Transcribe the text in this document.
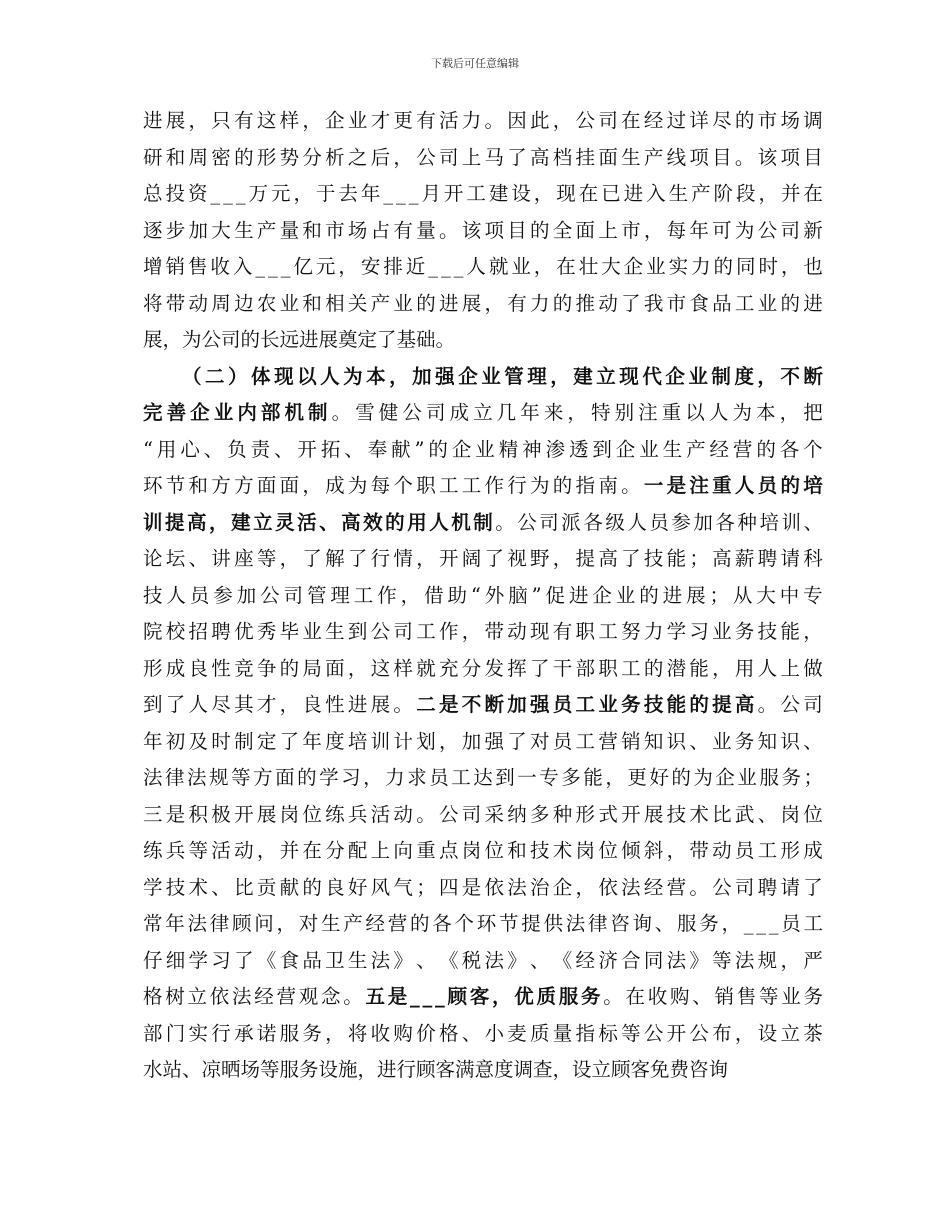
下载后可任意编辑
进 展 ， 只 有 这 样 ， 企 业 才 更 有 活 力 。 因 此 ， 公 司 在 经 过 详 尽 的 市 场 调
研 和 周 密 的 形 势 分 析 之 后 ， 公 司 上 马 了 高 档 挂 面 生 产 线 项 目 。 该 项 目
总 投 资 _ _ _ 万 元 ， 于 去 年 _ _ _ 月 开 工 建 设 ， 现 在 已 进 入 生 产 阶 段 ， 并 在
逐 步 加 大 生 产 量 和 市 场 占 有 量 。 该 项 目 的 全 面 上 市 ， 每 年 可 为 公 司 新
增 销 售 收 入 _ _ _ 亿 元 ， 安 排 近 _ _ _ 人 就 业 ， 在 壮 大 企 业 实 力 的 同 时 ， 也
将 带 动 周 边 农 业 和 相 关 产 业 的 进 展 ， 有 力 的 推 动 了 我 市 食 品 工 业 的 进
展，为公司的长远进展奠定了基础。
（ 二 ） 体 现 以 人 为 本 ， 加 强 企 业 管 理 ， 建 立 现 代 企 业 制 度 ， 不 断
完 善 企 业 内 部 机 制 。 雪 健 公 司 成 立 几 年 来 ， 特 别 注 重 以 人 为 本 ， 把
“ 用 心 、 负 责 、 开 拓 、 奉 献 ” 的 企 业 精 神 渗 透 到 企 业 生 产 经 营 的 各 个
环 节 和 方 方 面 面 ， 成 为 每 个 职 工 工 作 行 为 的 指 南 。 一 是 注 重 人 员 的 培
训 提 高 ， 建 立 灵 活 、 高 效 的 用 人 机 制 。 公 司 派 各 级 人 员 参 加 各 种 培 训 、
论 坛 、 讲 座 等 ， 了 解 了 行 情 ， 开 阔 了 视 野 ， 提 高 了 技 能 ； 高 薪 聘 请 科
技 人 员 参 加 公 司 管 理 工 作 ， 借 助 “ 外 脑 ” 促 进 企 业 的 进 展 ； 从 大 中 专
院 校 招 聘 优 秀 毕 业 生 到 公 司 工 作 ， 带 动 现 有 职 工 努 力 学 习 业 务 技 能 ，
形 成 良 性 竞 争 的 局 面 ， 这 样 就 充 分 发 挥 了 干 部 职 工 的 潜 能 ， 用 人 上 做
到 了 人 尽 其 才 ， 良 性 进 展 。 二 是 不 断 加 强 员 工 业 务 技 能 的 提 高 。 公 司
年 初 及 时 制 定 了 年 度 培 训 计 划 ， 加 强 了 对 员 工 营 销 知 识 、 业 务 知 识 、
法 律 法 规 等 方 面 的 学 习 ， 力 求 员 工 达 到 一 专 多 能 ， 更 好 的 为 企 业 服 务 ；
三 是 积 极 开 展 岗 位 练 兵 活 动 。 公 司 采 纳 多 种 形 式 开 展 技 术 比 武 、 岗 位
练 兵 等 活 动 ， 并 在 分 配 上 向 重 点 岗 位 和 技 术 岗 位 倾 斜 ， 带 动 员 工 形 成
学 技 术 、 比 贡 献 的 良 好 风 气 ； 四 是 依 法 治 企 ， 依 法 经 营 。 公 司 聘 请 了
常 年 法 律 顾 问 ， 对 生 产 经 营 的 各 个 环 节 提 供 法 律 咨 询 、 服 务 ， _ _ _ 员 工
仔 细 学 习 了 《 食 品 卫 生 法 》 、 《 税 法 》 、 《 经 济 合 同 法 》 等 法 规 ， 严
格 树 立 依 法 经 营 观 念 。 五 是 _ _ _ 顾 客 ， 优 质 服 务 。 在 收 购 、 销 售 等 业 务
部 门 实 行 承 诺 服 务 ， 将 收 购 价 格 、 小 麦 质 量 指 标 等 公 开 公 布 ， 设 立 茶
水站、凉晒场等服务设施，进行顾客满意度调查，设立顾客免费咨询
